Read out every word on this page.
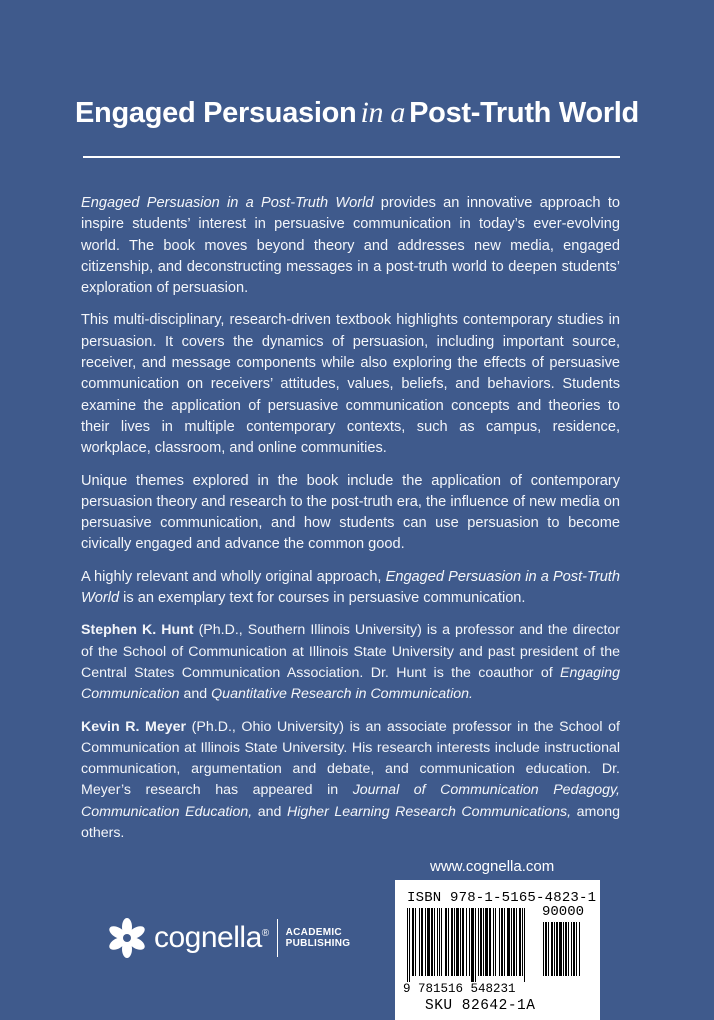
Engaged Persuasion in a Post-Truth World

Engaged Persuasion in a Post-Truth World provides an innovative approach to inspire students’ interest in persuasive communication in today’s ever-evolving world. The book moves beyond theory and addresses new media, engaged citizenship, and deconstructing messages in a post-truth world to deepen students’ exploration of persuasion.

This multi-disciplinary, research-driven textbook highlights contemporary studies in persuasion. It covers the dynamics of persuasion, including important source, receiver, and message components while also exploring the effects of persuasive communication on receivers’ attitudes, values, beliefs, and behaviors. Students examine the application of persuasive communication concepts and theories to their lives in multiple contemporary contexts, such as campus, residence, workplace, classroom, and online communities.

Unique themes explored in the book include the application of contemporary persuasion theory and research to the post-truth era, the influence of new media on persuasive communication, and how students can use persuasion to become civically engaged and advance the common good.

A highly relevant and wholly original approach, Engaged Persuasion in a Post-Truth World is an exemplary text for courses in persuasive communication.

Stephen K. Hunt (Ph.D., Southern Illinois University) is a professor and the director of the School of Communication at Illinois State University and past president of the Central States Communication Association. Dr. Hunt is the coauthor of Engaging Communication and Quantitative Research in Communication.

Kevin R. Meyer (Ph.D., Ohio University) is an associate professor in the School of Communication at Illinois State University. His research interests include instructional communication, argumentation and debate, and communication education. Dr. Meyer’s research has appeared in Journal of Communication Pedagogy, Communication Education, and Higher Learning Research Communications, among others.

www.cognella.com
cognella® ACADEMIC
PUBLISHING
ISBN 978-1-5165-4823-1
90000
9 781516 548231
SKU 82642-1A
